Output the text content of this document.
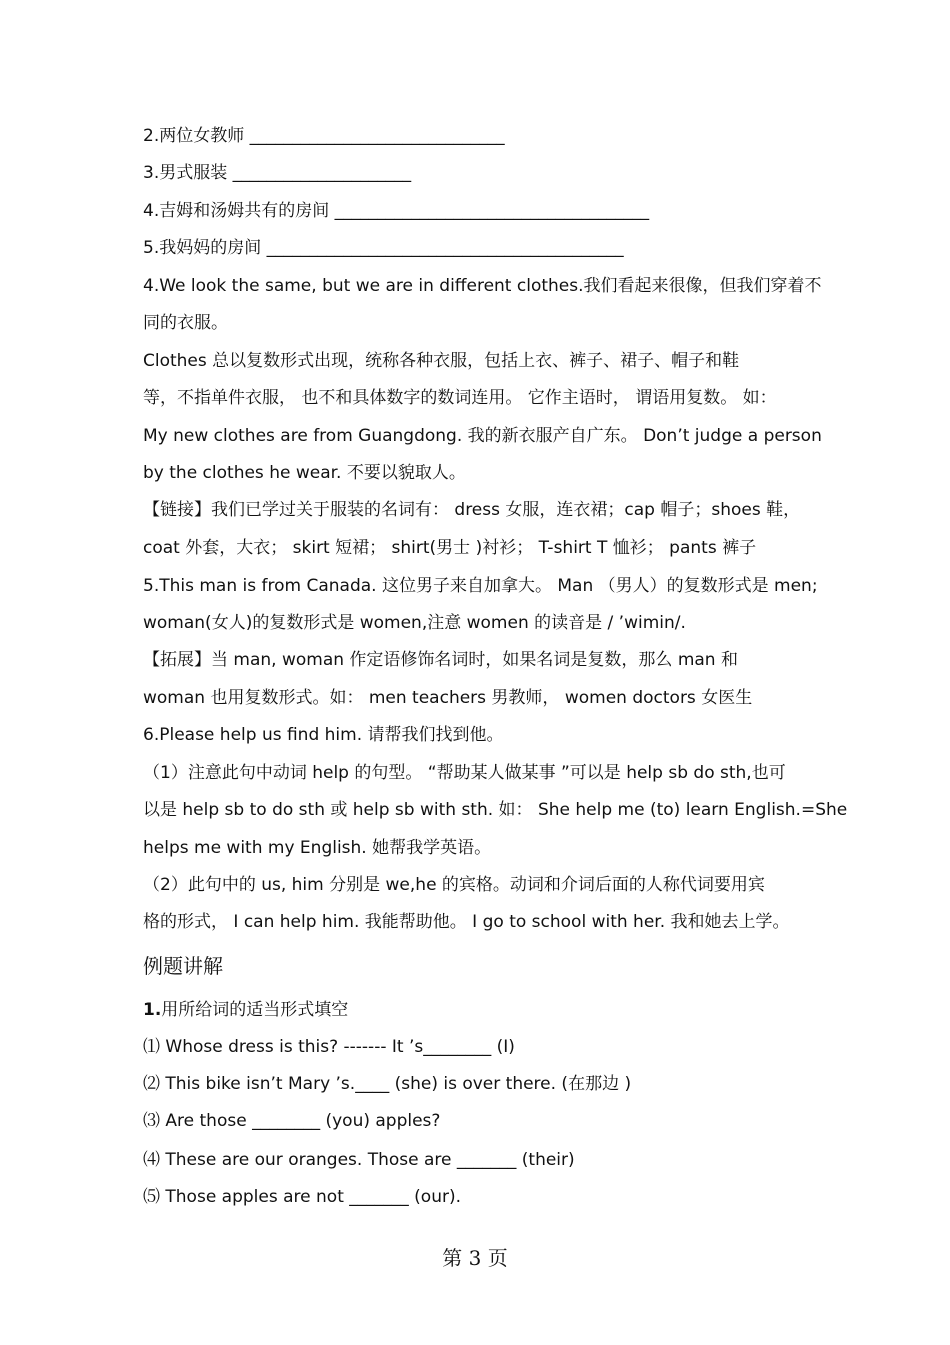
2.两位女教师 ______________________________
3.男式服装 _____________________
4.吉姆和汤姆共有的房间 _____________________________________
5.我妈妈的房间 __________________________________________
4.We look the same, but we are in different clothes.我们看起来很像，但我们穿着不
同的衣服。
Clothes 总以复数形式出现，统称各种衣服，包括上衣、裤子、裙子、帽子和鞋
等，不指单件衣服， 也不和具体数字的数词连用。 它作主语时， 谓语用复数。 如：
My new clothes are from Guangdong. 我的新衣服产自广东。 Don’t judge a person
by the clothes he wear. 不要以貌取人。
【链接】我们已学过关于服装的名词有： dress 女服，连衣裙；cap 帽子；shoes 鞋，
coat 外套，大衣； skirt 短裙； shirt(男士 )衬衫； T-shirt T 恤衫； pants 裤子
5.This man is from Canada. 这位男子来自加拿大。 Man （男人）的复数形式是 men;
woman(女人)的复数形式是 women,注意 women 的读音是 / ’wimin/.
【拓展】当 man, woman 作定语修饰名词时，如果名词是复数，那么 man 和
woman 也用复数形式。如： men teachers 男教师， women doctors 女医生
6.Please help us find him. 请帮我们找到他。
（1）注意此句中动词 help 的句型。 “帮助某人做某事 ”可以是 help sb do sth,也可
以是 help sb to do sth 或 help sb with sth. 如： She help me (to) learn English.=She
helps me with my English. 她帮我学英语。
（2）此句中的 us, him 分别是 we,he 的宾格。动词和介词后面的人称代词要用宾
格的形式， I can help him. 我能帮助他。 I go to school with her. 我和她去上学。
例题讲解
1.用所给词的适当形式填空
⑴ Whose dress is this? ------- It ’s________ (I)
⑵ This bike isn’t Mary ’s.____ (she) is over there. (在那边 )
⑶ Are those ________ (you) apples?
⑷ These are our oranges. Those are _______ (their)
⑸ Those apples are not _______ (our).
第 3 页
